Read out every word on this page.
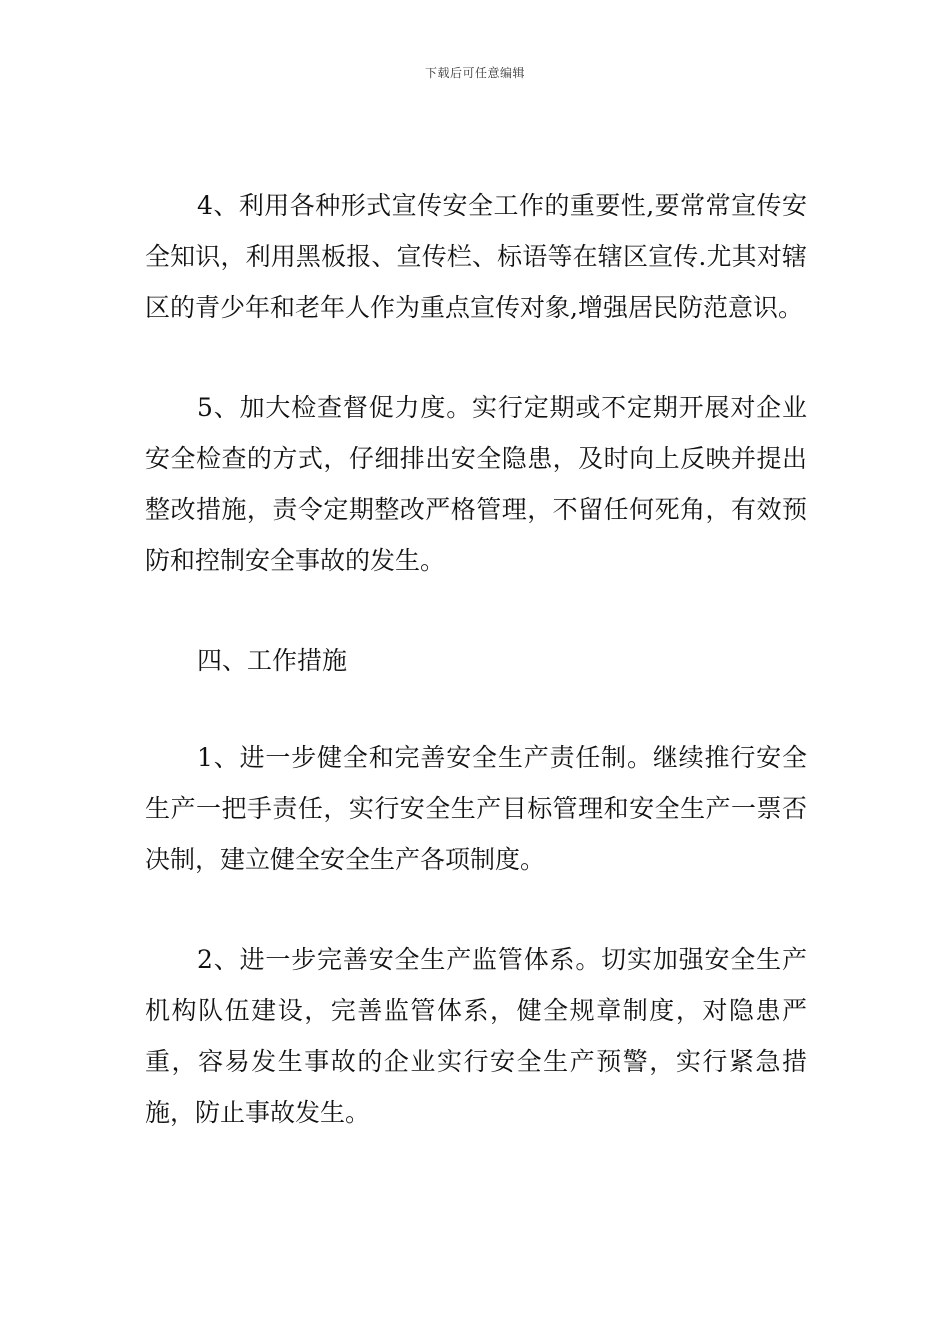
下载后可任意编辑

4、利用各种形式宣传安全工作的重要性,要常常宣传安全知识，利用黑板报、宣传栏、标语等在辖区宣传.尤其对辖区的青少年和老年人作为重点宣传对象,增强居民防范意识。

5、加大检查督促力度。实行定期或不定期开展对企业安全检查的方式，仔细排出安全隐患，及时向上反映并提出整改措施，责令定期整改严格管理，不留任何死角，有效预防和控制安全事故的发生。

四、工作措施

1、进一步健全和完善安全生产责任制。继续推行安全生产一把手责任，实行安全生产目标管理和安全生产一票否决制，建立健全安全生产各项制度。

2、进一步完善安全生产监管体系。切实加强安全生产机构队伍建设，完善监管体系，健全规章制度，对隐患严重，容易发生事故的企业实行安全生产预警，实行紧急措施，防止事故发生。
